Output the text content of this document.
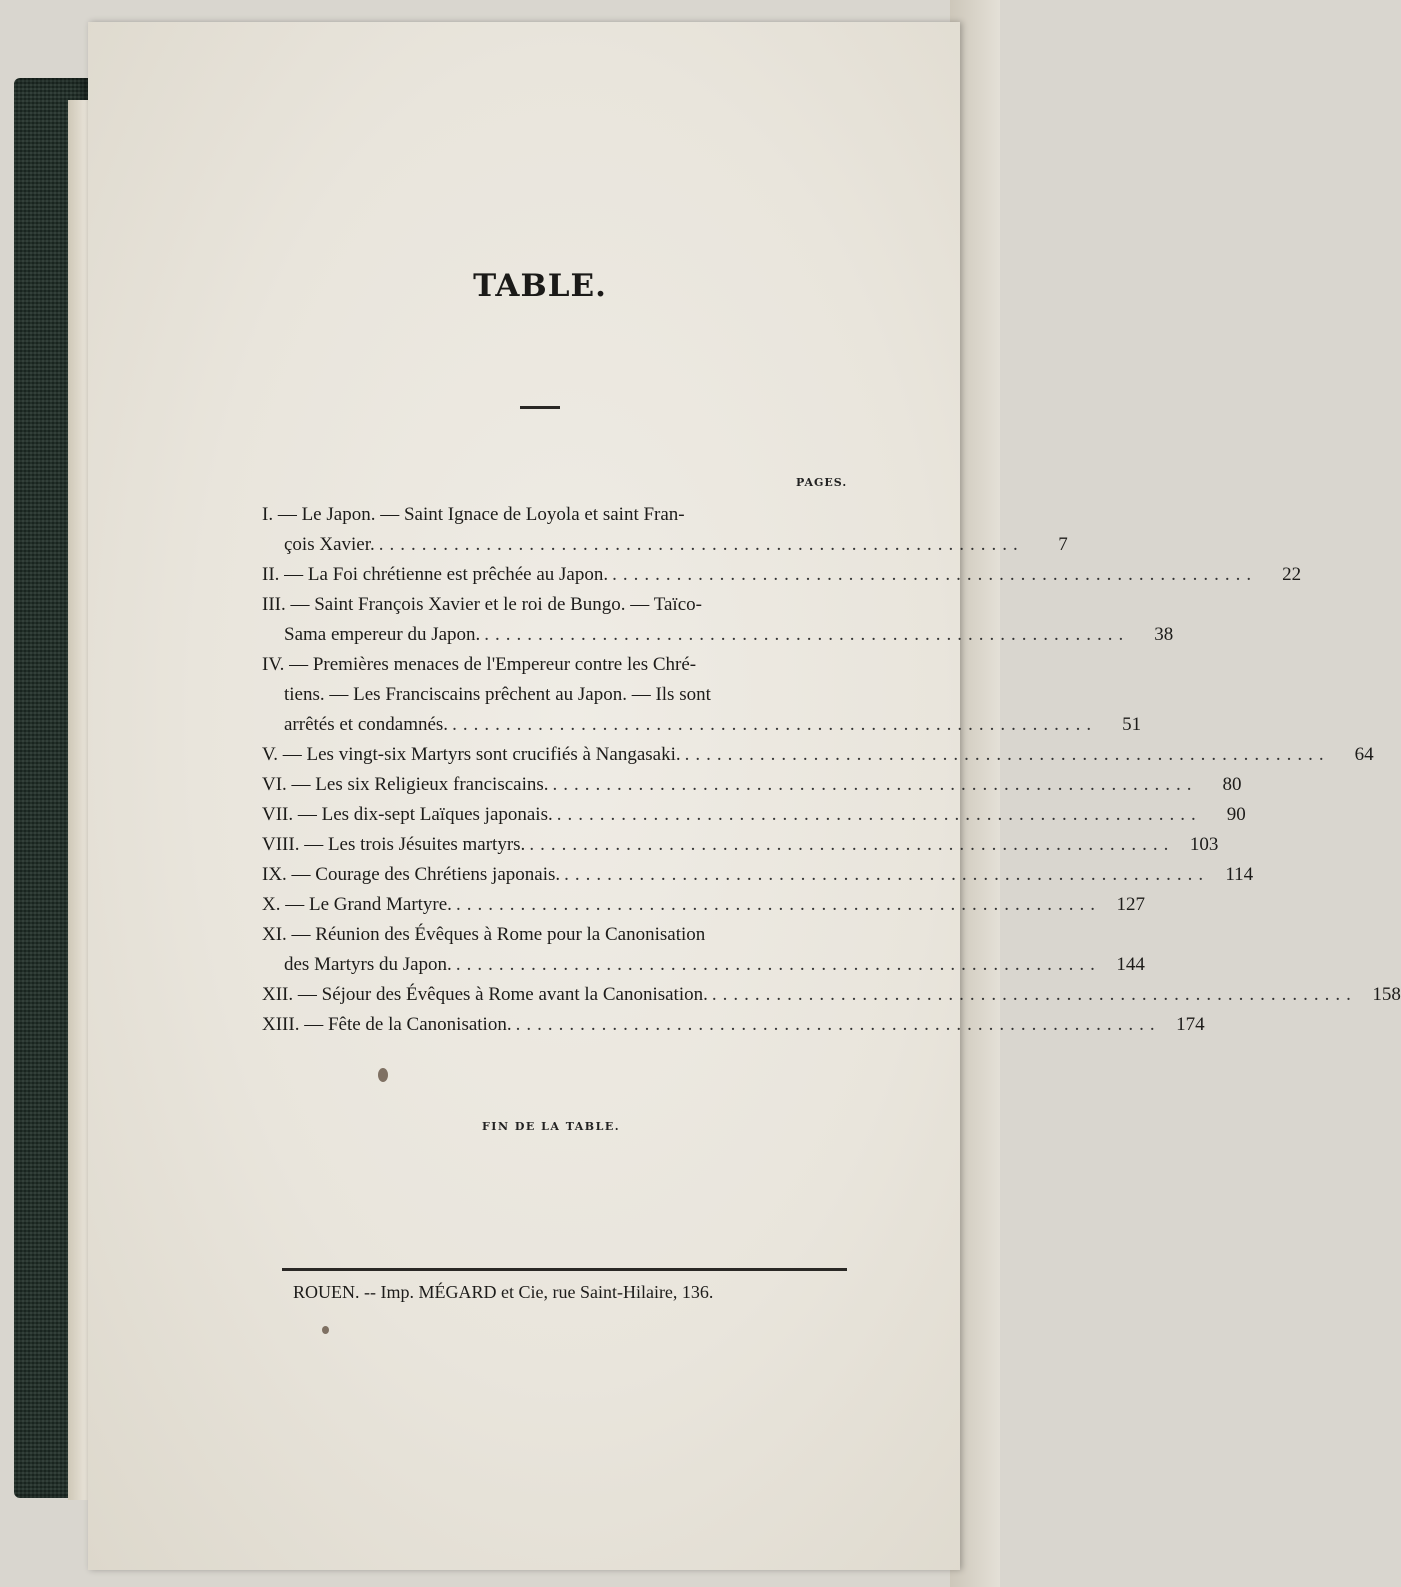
TABLE.
PAGES.
I. — Le Japon. — Saint Ignace de Loyola et saint Fran-
çois Xavier. ............................................................	7
II. — La Foi chrétienne est prêchée au Japon. ............................................................	22
III. — Saint François Xavier et le roi de Bungo. — Taïco-
Sama empereur du Japon. ............................................................	38
IV. — Premières menaces de l'Empereur contre les Chré-
tiens. — Les Franciscains prêchent au Japon. — Ils sont
arrêtés et condamnés. ............................................................	51
V. — Les vingt-six Martyrs sont crucifiés à Nangasaki. ............................................................	64
VI. — Les six Religieux franciscains. ............................................................	80
VII. — Les dix-sept Laïques japonais. ............................................................	90
VIII. — Les trois Jésuites martyrs. ............................................................ 103
IX. — Courage des Chrétiens japonais. ............................................................ 114
X. — Le Grand Martyre. ............................................................ 127
XI. — Réunion des Évêques à Rome pour la Canonisation
des Martyrs du Japon. ............................................................ 144
XII. — Séjour des Évêques à Rome avant la Canonisation. ............................................................ 158
XIII. — Fête de la Canonisation. ............................................................ 174
FIN DE LA TABLE.
ROUEN. -- Imp. MÉGARD et Cie, rue Saint-Hilaire, 136.
